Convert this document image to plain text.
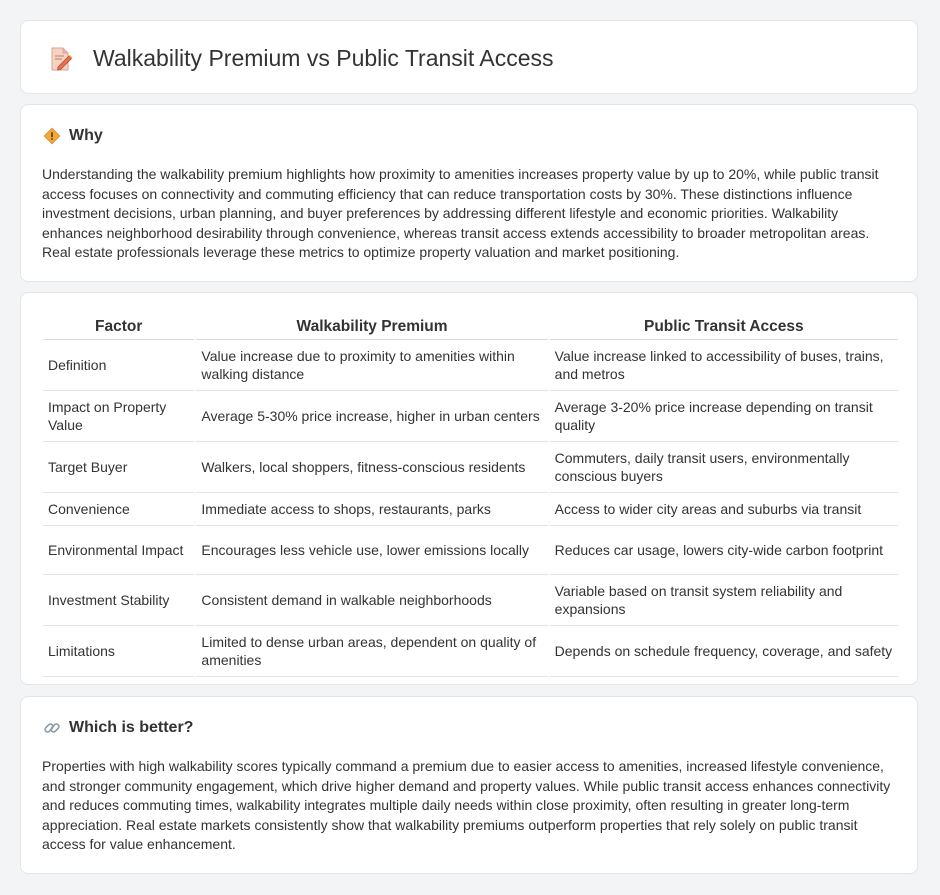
Walkability Premium vs Public Transit Access
Why

Understanding the walkability premium highlights how proximity to amenities increases property value by up to 20%, while public transit access focuses on connectivity and commuting efficiency that can reduce transportation costs by 30%. These distinctions influence investment decisions, urban planning, and buyer preferences by addressing different lifestyle and economic priorities. Walkability enhances neighborhood desirability through convenience, whereas transit access extends accessibility to broader metropolitan areas. Real estate professionals leverage these metrics to optimize property valuation and market positioning.

Factor	Walkability Premium	Public Transit Access
Definition	Value increase due to proximity to amenities within walking distance	Value increase linked to accessibility of buses, trains, and metros
Impact on Property Value	Average 5-30% price increase, higher in urban centers	Average 3-20% price increase depending on transit quality
Target Buyer	Walkers, local shoppers, fitness-conscious residents	Commuters, daily transit users, environmentally conscious buyers
Convenience	Immediate access to shops, restaurants, parks	Access to wider city areas and suburbs via transit
Environmental Impact	Encourages less vehicle use, lower emissions locally	Reduces car usage, lowers city-wide carbon footprint
Investment Stability	Consistent demand in walkable neighborhoods	Variable based on transit system reliability and expansions
Limitations	Limited to dense urban areas, dependent on quality of amenities	Depends on schedule frequency, coverage, and safety
Which is better?

Properties with high walkability scores typically command a premium due to easier access to amenities, increased lifestyle convenience, and stronger community engagement, which drive higher demand and property values. While public transit access enhances connectivity and reduces commuting times, walkability integrates multiple daily needs within close proximity, often resulting in greater long-term appreciation. Real estate markets consistently show that walkability premiums outperform properties that rely solely on public transit access for value enhancement.
